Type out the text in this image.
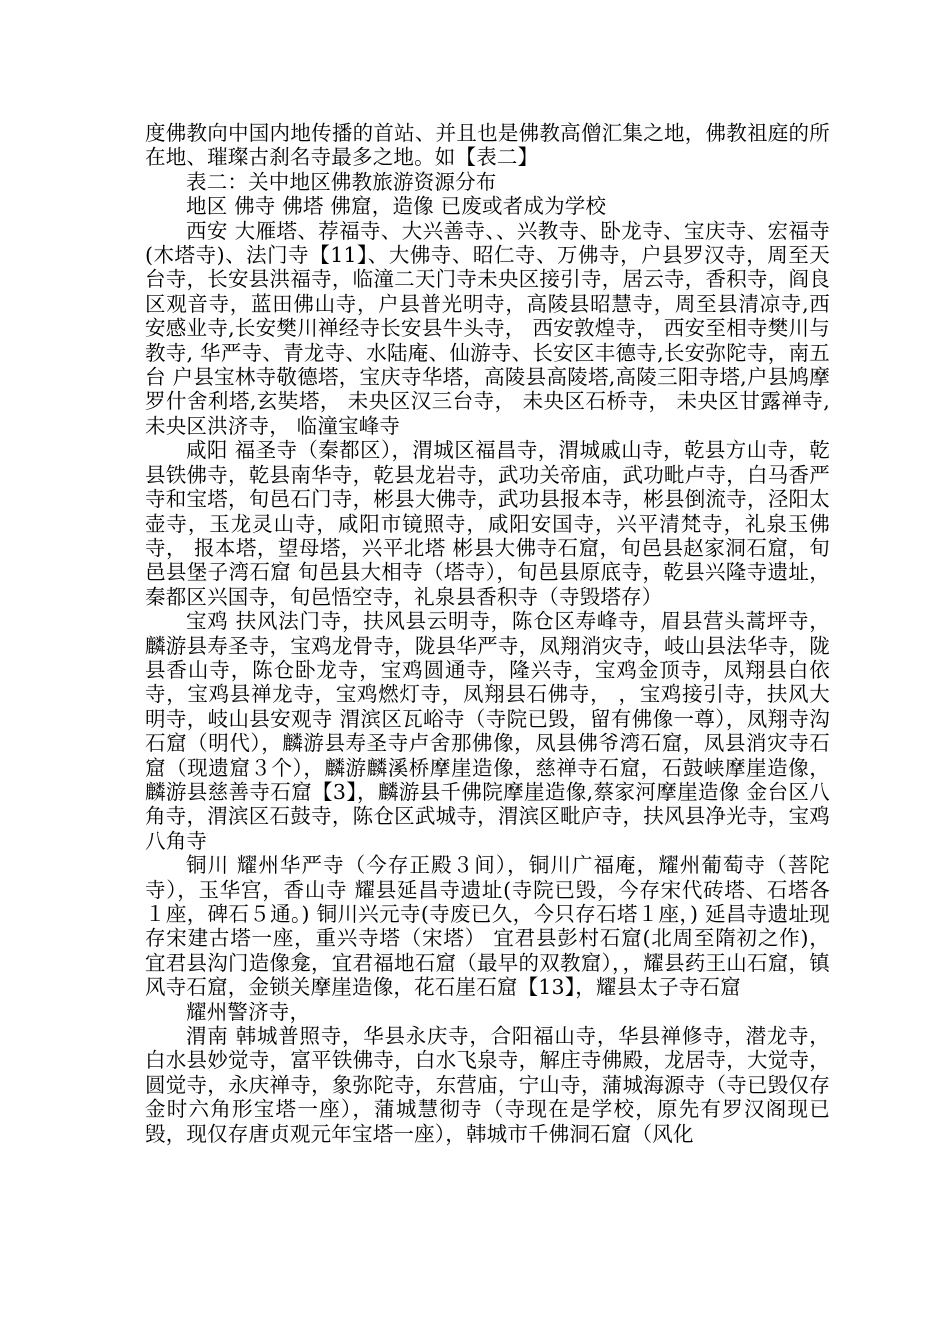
度佛教向中国内地传播的首站、并且也是佛教高僧汇集之地，佛教祖庭的所在地、璀璨古刹名寺最多之地。如【表二】

表二：关中地区佛教旅游资源分布

地区 佛寺 佛塔 佛窟，造像 已废或者成为学校

西安 大雁塔、荐福寺、大兴善寺、、兴教寺、卧龙寺、宝庆寺、宏福寺(木塔寺)、法门寺【11】、大佛寺、昭仁寺、万佛寺，户县罗汉寺，周至天台寺，长安县洪福寺，临潼二天门寺未央区接引寺，居云寺，香积寺，阎良区观音寺，蓝田佛山寺，户县普光明寺，高陵县昭慧寺，周至县清凉寺,西安感业寺,长安樊川禅经寺长安县牛头寺， 西安敦煌寺， 西安至相寺樊川与教寺, 华严寺、青龙寺、水陆庵、仙游寺、长安区丰德寺,长安弥陀寺，南五台 户县宝林寺敬德塔，宝庆寺华塔，高陵县高陵塔,高陵三阳寺塔,户县鸠摩罗什舍利塔,玄奘塔， 未央区汉三台寺， 未央区石桥寺， 未央区甘露禅寺,未央区洪济寺， 临潼宝峰寺

咸阳 福圣寺（秦都区），渭城区福昌寺，渭城戚山寺，乾县方山寺，乾县铁佛寺，乾县南华寺，乾县龙岩寺，武功关帝庙，武功毗卢寺，白马香严寺和宝塔，旬邑石门寺，彬县大佛寺，武功县报本寺，彬县倒流寺，泾阳太壶寺，玉龙灵山寺，咸阳市镜照寺，咸阳安国寺，兴平清梵寺，礼泉玉佛寺， 报本塔，望母塔，兴平北塔 彬县大佛寺石窟，旬邑县赵家洞石窟，旬邑县堡子湾石窟 旬邑县大相寺（塔寺），旬邑县原底寺，乾县兴隆寺遗址，秦都区兴国寺，旬邑悟空寺，礼泉县香积寺（寺毁塔存）

宝鸡 扶风法门寺，扶风县云明寺，陈仓区寿峰寺，眉县营头蒿坪寺，麟游县寿圣寺，宝鸡龙骨寺，陇县华严寺，凤翔消灾寺，岐山县法华寺，陇县香山寺，陈仓卧龙寺，宝鸡圆通寺，隆兴寺，宝鸡金顶寺，凤翔县白依寺，宝鸡县禅龙寺，宝鸡燃灯寺，凤翔县石佛寺， ，宝鸡接引寺，扶风大明寺，岐山县安观寺 渭滨区瓦峪寺（寺院已毁，留有佛像一尊），凤翔寺沟石窟（明代），麟游县寿圣寺卢舍那佛像，凤县佛爷湾石窟，凤县消灾寺石窟（现遗窟３个），麟游麟溪桥摩崖造像，慈禅寺石窟，石鼓峡摩崖造像，麟游县慈善寺石窟【3】，麟游县千佛院摩崖造像,蔡家河摩崖造像 金台区八角寺，渭滨区石鼓寺，陈仓区武城寺，渭滨区毗庐寺，扶风县净光寺，宝鸡八角寺

铜川 耀州华严寺（今存正殿３间），铜川广福庵，耀州葡萄寺（菩陀寺），玉华宫，香山寺 耀县延昌寺遗址(寺院已毁，今存宋代砖塔、石塔各１座，碑石５通。) 铜川兴元寺(寺废已久，今只存石塔１座，) 延昌寺遗址现存宋建古塔一座，重兴寺塔（宋塔） 宜君县彭村石窟(北周至隋初之作)，宜君县沟门造像龛，宜君福地石窟（最早的双教窟），，耀县药王山石窟，镇风寺石窟，金锁关摩崖造像，花石崖石窟【13】，耀县太子寺石窟

耀州警济寺，

渭南 韩城普照寺，华县永庆寺，合阳福山寺，华县禅修寺，潜龙寺，白水县妙觉寺，富平铁佛寺，白水飞泉寺，解庄寺佛殿，龙居寺，大觉寺，圆觉寺，永庆禅寺，象弥陀寺，东营庙，宁山寺，蒲城海源寺（寺已毁仅存金时六角形宝塔一座），蒲城慧彻寺（寺现在是学校，原先有罗汉阁现已毁，现仅存唐贞观元年宝塔一座），韩城市千佛洞石窟（风化
